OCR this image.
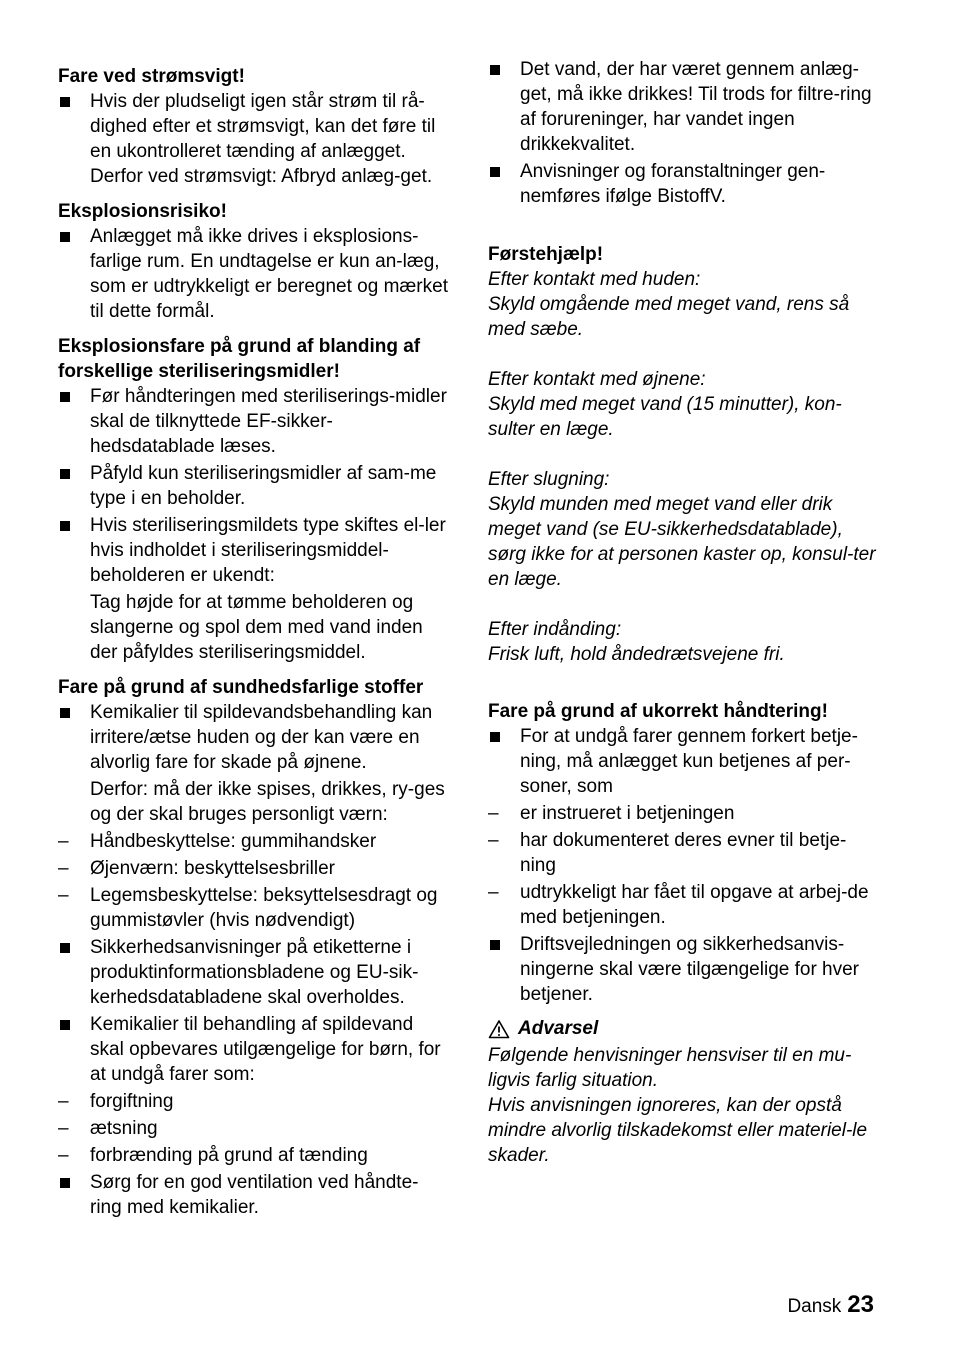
Fare ved strømsvigt!

Hvis der pludseligt igen står strøm til rå-dighed efter et strømsvigt, kan det føre til en ukontrolleret tænding af anlægget. Derfor ved strømsvigt: Afbryd anlæg-get.

Eksplosionsrisiko!

Anlægget må ikke drives i eksplosions-farlige rum. En undtagelse er kun an-læg, som er udtrykkeligt er beregnet og mærket til dette formål.

Eksplosionsfare på grund af blanding af forskellige steriliseringsmidler!

Før håndteringen med steriliserings-midler skal de tilknyttede EF-sikker-hedsdatablade læses.
Påfyld kun steriliseringsmidler af sam-me type i en beholder.
Hvis steriliseringsmildets type skiftes el-ler hvis indholdet i steriliseringsmiddel-beholderen er ukendt:
Tag højde for at tømme beholderen og slangerne og spol dem med vand inden der påfyldes steriliseringsmiddel.

Fare på grund af sundhedsfarlige stoffer

Kemikalier til spildevandsbehandling kan irritere/ætse huden og der kan være en alvorlig fare for skade på øjnene.
Derfor: må der ikke spises, drikkes, ry-ges og der skal bruges personligt værn:
Håndbeskyttelse: gummihandsker
Øjenværn: beskyttelsesbriller
Legemsbeskyttelse: beksyttelsesdragt og gummistøvler (hvis nødvendigt)
Sikkerhedsanvisninger på etiketterne i produktinformationsbladene og EU-sik-kerhedsdatabladene skal overholdes.
Kemikalier til behandling af spildevand skal opbevares utilgængelige for børn, for at undgå farer som:
forgiftning
ætsning
forbrænding på grund af tænding
Sørg for en god ventilation ved håndte-ring med kemikalier.
Det vand, der har været gennem anlæg-get, må ikke drikkes! Til trods for filtre-ring af forureninger, har vandet ingen drikkekvalitet.
Anvisninger og foranstaltninger gen-nemføres ifølge BistoffV.

Førstehjælp!

Efter kontakt med huden:

Skyld omgående med meget vand, rens så med sæbe.

Efter kontakt med øjnene:

Skyld med meget vand (15 minutter), kon-sulter en læge.

Efter slugning:

Skyld munden med meget vand eller drik meget vand (se EU-sikkerhedsdatablade), sørg ikke for at personen kaster op, konsul-ter en læge.

Efter indånding:

Frisk luft, hold åndedrætsvejene fri.

Fare på grund af ukorrekt håndtering!

For at undgå farer gennem forkert betje-ning, må anlægget kun betjenes af per-soner, som
er instrueret i betjeningen
har dokumenteret deres evner til betje-ning
udtrykkeligt har fået til opgave at arbej-de med betjeningen.
Driftsvejledningen og sikkerhedsanvis-ningerne skal være tilgængelige for hver betjener.
Advarsel

Følgende henvisninger hensviser til en mu-ligvis farlig situation.

Hvis anvisningen ignoreres, kan der opstå mindre alvorlig tilskadekomst eller materiel-le skader.

Dansk 23
